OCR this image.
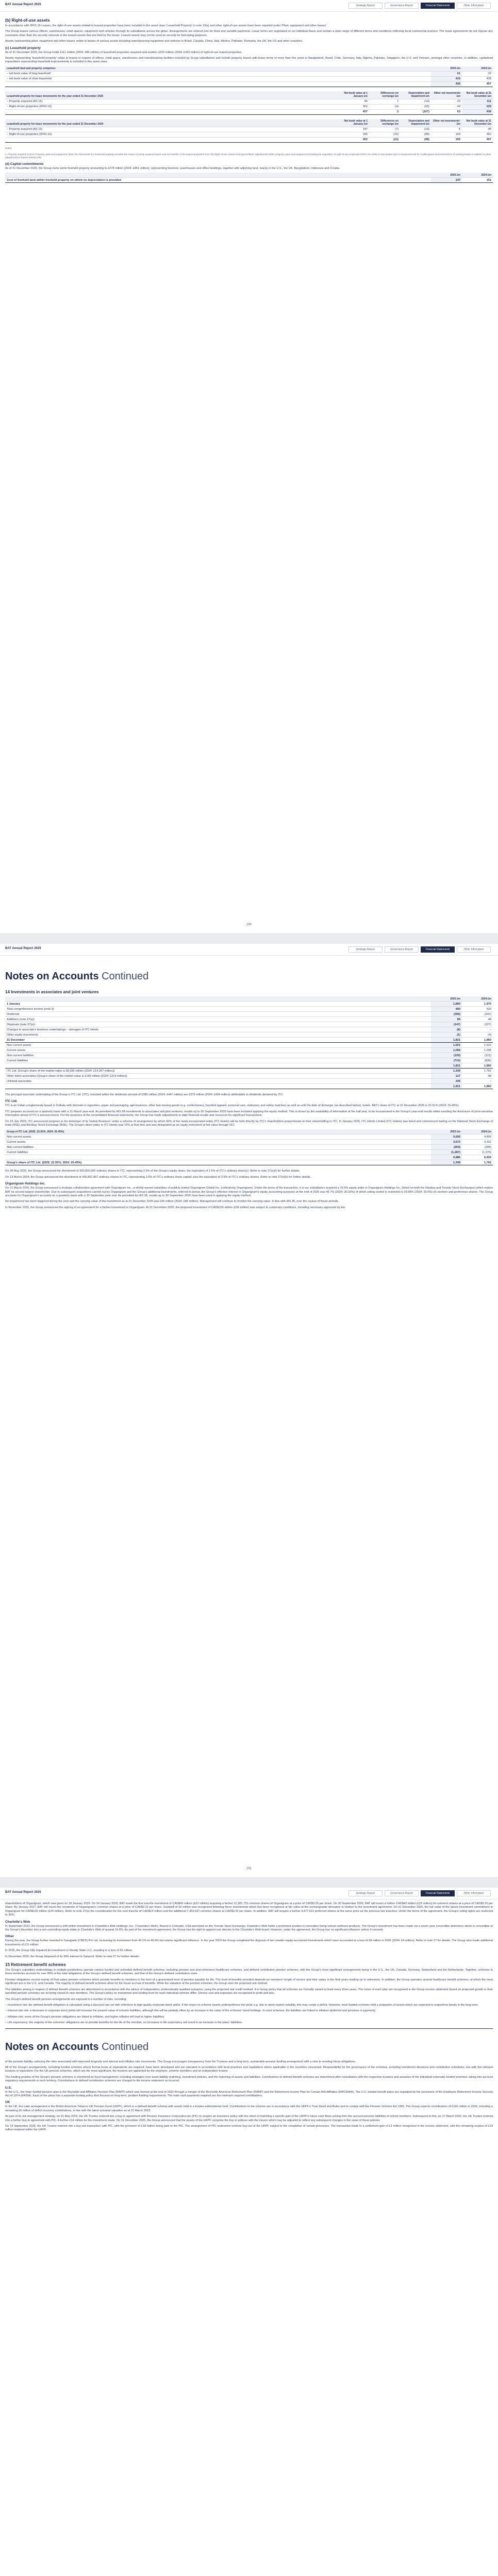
BAT Annual Report 2025	Strategic Report	Governance Report	Financial Statements	Other Information
(b) Right-of-use assets

In accordance with IFRS 16 Leases, the right-of-use assets related to leased properties have been included in the asset class 'Leasehold Property' in note 13(a) and other right-of-use assets have been reported under 'Plant, equipment and other leases'.

The Group leases various offices, warehouses, retail spaces, equipment and vehicles through its subsidiaries across the globe. Arrangements are entered into for fixed and variable payments. Lease terms are negotiated on an individual basis and contain a wide range of different terms and conditions reflecting local commercial practice. The lease agreements do not impose any covenants other than the security interests in the leased assets that are held by the lessor. Leased assets may not be used as security for borrowing purposes.

Assets representing plant, equipment and other leases' relate to leases of various assets including manufacturing equipment and vehicles in Brazil, Canada, China, Italy, Mexico, Pakistan, Romania, the UK, the US and other countries.

(c) Leasehold property

As of 31 December 2025, the Group holds £111 million (2024: £85 million) of leasehold properties acquired and another £225 million (2024: £262 million) of right-of-use leased properties.

Assets representing 'leasehold property' relate to leases in respect of offices, retail space, warehouses and manufacturing facilities included by Group subsidiaries and include property leases with lease terms of more than five years in Bangladesh, Brazil, Chile, Germany, Italy, Nigeria, Pakistan, Singapore, the U.S. and Vietnam, amongst other countries. In addition, capitalised expenditure representing leasehold improvements is included in this asset class.

Leasehold land and property comprises	2025 £m	2024 £m
– net book value of long leasehold	21	22
– net book value of short leasehold	415	435
	436	457
Leasehold property for lease movements for the year ended 31 December 2025	Net book value at 1 January £m	Differences on exchange £m	Depreciation and impairment £m	Other net movements £m	Net book value at 31 December £m
– Property acquired (AS 16)	95	7	(14)	23	111
– Right-of-use properties (IFRS 16)	362	(4)	(93)	40	225
	457	3	(107)	63	436
Leasehold property for lease movements for the year ended 31 December 2024	Net book value at 1 January £m	Differences on exchange £m	Depreciation and impairment £m	Other net movements¹ £m	Net book value at 31 December £m
– Property acquired (AS 16)	147	(7)	(10)	5	95
– Right-of-use properties (IFRS 16)	305	(15)	(88)	160	362
	452	(22)	(98)	165	457
Notes:
1. Property acquired (AS16) 'Property, plant and equipment' other net movements for leasehold property includes the impact of newly acquired leases and net transfer of the leased properties from '(b) Right-of-use' assets and hyperinflation adjustments within property, plant and equipment (including the acquisition of right-of-use properties (IFRS 16) relate to new leases and re-measurements for modifications and terminations of existing leases in addition to other adjustments to leased assets (net).
(d) Capital commitments

As of 31 December 2025, the Group owns some freehold property amounting to £278 million (2024: £861 million), representing factories, warehouses and office buildings, together with adjoining land, mainly in the U.S., the UK, Bangladesh, Indonesia and Croatia.

	2025 £m	2024 £m
Cost of freehold land within freehold property on which no depreciation is provided	147	151
290
BAT Annual Report 2025	Strategic Report	Governance Report	Financial Statements	Other Information
Notes on Accounts Continued
14 Investments in associates and joint ventures
	2025 £m	2024 £m
1 January	1,860	1,970
Total comprehensive income (note 9)	400	520
Dividends	(396)	(447)
Additions (note 27(a))	84	48
Disposals (note 27(e))	(147)	(227)
Changes in associate's business undertakings – damages of ITC Hotels	(8)	–
Other equity movements	(1)	(4)
31 December	1,821	1,860
Non-current assets	1,601	1,612
Current assets	1,056	1,205
Non-current liabilities	(120)	(121)
Current liabilities	(716)	(836)
	1,821	1,860
ITC Ltd. (Group's share of the market value is £8,936 million (2024: £14,367 million))	1,349	1,762
Other listed associates (Group's share of the market value is £196 million (2024: £314 million))	127	98
Unlisted associates	345	–
	1,821	1,860

The principal associate undertaking of the Group is ITC Ltd. (ITC), included within the dividends amount of £386 million (2024: £447 million) are £376 million (2024: £434 million) attributable to dividends declared by ITC.

ITC Ltd.

ITC is an Indian conglomerate based in Kolkata with interests in cigarettes, paper and packaging, agri-business, other fast-moving goods (e.g. confectionery, branded apparel, personal care, stationery and safety matches) as well as until the date of demerger (as described below), hotels. BAT's share of ITC at 31 December 2025 is 22.91% (2024: 25.45%).

ITC prepares accounts on a quarterly basis with a 31 March year-end. As permitted by IAS 28 Investments in associates and joint ventures, results up to 30 September 2025 have been included applying the equity method. This is driven by the availability of information at the half year, to be incorporated in the Group's year-end results whilst avoiding the disclosure of price-sensitive information ahead of ITC's announcement. For the purposes of the consolidated financial statements, the Group has made adjustments to align financial results and resources for significant transactions.

On 24 July 2023, ITC announced progress in the demerger of its 'Hotels Business' under a scheme of arrangement by which 60% of the newly incorporated entity (ITC Hotels) will be held directly by ITC's shareholders proportionate to their shareholding in ITC. In January 2025, ITC Hotels Limited (ITC Hotels) was listed and commenced trading on the National Stock Exchange of India (NSE) and Bombay Stock Exchange (BSE). The Group's direct stake in ITC Hotels was 15% at that time and was designated as an equity instrument at fair value through OCI.

Group of ITC Ltd. (2025: 22.91%; 2024: 25.45%)	2025 £m	2024 £m
Non-current assets	5,605	4,456
Current assets	3,672	4,152
Non-current liabilities	(254)	(309)
Current liabilities	(1,287)	(1,379)
	5,886	6,925
Group's share of ITC Ltd. (2025: 22.91%; 2024: 25.45%)	1,349	1,762

On 28 May 2025, the Group announced the divestment of 300,000,000 ordinary shares in ITC, representing 2.5% of the Group's equity share, the equivalent of 2.5% of ITC's ordinary share(s). Refer to note 27(e)(i) for further details.

On 13 March 2024, the Group announced the divestment of 436,851,457 ordinary shares in ITC, representing 3.5% of ITC's ordinary share capital; plus the equivalent of 3.5% of ITC's ordinary shares. Refer to note 27(e)(ii) for further details.

Organigram Holdings Inc.

On 11 March 2024, the Group announced a strategic collaboration agreement with Organigram Inc., a wholly-owned subsidiary of publicly traded Organigram Global Inc. (collectively Organigram). Under the terms of the transaction, it is our subsidiaries acquired a 19.9% equity stake in Organigram Holdings Inc. (listed on both the Nasdaq and Toronto Stock Exchanges) which makes BAT its second largest shareholder. Due to subsequent acquisitions carried out by Organigram and the Group's additional investments, referred to below, the Group's effective interest in Organigram's equity accounting purposes at the end of 2025 was 45.7% (2024: 30.33%) of which voting control is restricted to 29.99% (2024: 29.9%) of common and preference shares. The Group accounts for Organigram's accounts on a quarterly basis with a 30 September year end. As permitted by IAS 28, results up to 30 September 2025 have been used in applying the equity method.

No impairment has been triggered during the year and the carrying value of the investment as at 31 December 2025 was £95 million (2024: £85 million). Management will continue to monitor the carrying value. In line with IAS 36, over the course of future periods.

In November 2025, the Group announced the signing of an agreement for a further investment in Organigram. At 31 December 2025, the proposed investment of CAD$105 million (£56 million) was subject to customary conditions, including necessary approvals by the

291
BAT Annual Report 2025	Strategic Report	Governance Report	Financial Statements	Other Information

shareholders of Organigram, which was given on 18 January 2026. On 24 January 2026, BAT made the first tranche investment of CAD$42 million (£22 million) acquiring a further 12,381,715 common shares of Organigram at a price of CAD$3.25 per share. On 30 September 2026, BAT will invest a further CAD$42 million (£22 million) for common shares at a price of CAD$3.25 per share. By January 2027, BAT will invest the remainder of Organigram's common shares at a price of CAD$3.22 per share. Goodwill of £5 million was recognised following these investments which has been recognised at fair value at the exchangeable derivative in relation to the investment agreement. On 31 December 2025, the fair value of the above investment commitment in Organigram for CAD$105 million (£24 million). Refer to note 27(a) the consideration for the next tranche of CAD$14 million and the additional 7,363,437 common shares at CAD$3.22 per share. In addition, BAT will acquire a further 4,477,612 preferred shares at the same price as the previous two tranches. Under the terms of the agreement, the Group's voting rights are restricted to 30%.

Charlotte's Web

In September 2022, the Group announced a £48 million investment in Charlotte's Web Holdings, Inc. ('Charlotte's Web'). Based in Colorado, USA and listed on the Toronto Stock Exchange, Charlotte's Web holds a prominent position in innovative hemp extract wellness products. The Group's investment has been made via a seven-year convertible debenture which is convertible at the Group's discretion into a non-controlling equity stake in Charlotte's Web of around 19.9%. As part of the investment agreement, the Group has the right to appoint one director to the Charlotte's Web board. However, under the agreement, the Group has no significant influence unless it converts.

Other

During the year, the Group further invested in Sanapalle (CNDS) Pvt Ltd, increasing its investment from 46.1% to 49.9% but retains significant influence. In the year 2023 the Group completed the disposal of two smaller equity-accounted investments which were accounted at a loss of £8 million in 2025 (2024: £4 million). Refer to note 27 for details. The Group also made additional investments of £11 million.

In 2025, the Group fully impaired its investment in Steady State LLC, resulting in a loss of £6 million.

In December 2025, the Group disposed of its 30% interest in Sanpont. Refer to note 27 for further details.

15 Retirement benefit schemes

The Group's subsidiary undertakings in multiple jurisdictions operate various funded and unfunded defined benefit schemes, including pension and post-retirement healthcare schemes, and defined contribution pension schemes, with the Group's most significant arrangements being in the U.S., the UK, Canada, Germany, Switzerland and the Netherlands. Together, schemes in these territories account for over 85% of the total obligations of the Group's defined benefit schemes, and that of the Group's defined contribution costs.

Pension obligations consist mainly of final salary pension schemes which provide benefits to members in the form of a guaranteed level of pension payable for life. The level of benefits provided depends on members' length of service and their salary in the final years leading up to retirement. In addition, the Group operates several healthcare benefit schemes, of which the most significant are in the U.S. and Canada. The majority of defined benefit schemes allow for the future accrual of benefits. While the valuation of the pension schemes, the Group uses the projected unit method.

The liabilities arising in respect of defined benefit schemes are determined in accordance with the advice of independent, professionally qualified actuaries, using the projected unit credit method. It is Group policy that all schemes are formally valued at least every three years. The notes of each plan are recognised in the Group income statement based on projected growth in their specified pension schemes are all being closed to new members. The Group's policy on investment and funding level for each individual scheme differ. Service cost and expenses are recognised in profit and loss.

The Group's defined benefit pension arrangements are exposed to a number of risks, including:

– Investment risk: the defined benefit obligation is calculated using a discount rate set with reference to high quality corporate bond yields. If the return on scheme assets underperforms this yield, e.g. due to stock market volatility, this may create a deficit. However, most funded schemes hold a proportion of assets which are expected to outperform bonds in the long term;

– Interest rate risk: a decrease in corporate bond yields will increase the present value of scheme liabilities, although this will be partially offset by an increase in the value of the schemes' bond holdings. In most schemes, the liabilities are linked to inflation (deferred and pensions in payment);

– Inflation risk: some of the Group's pension obligations are linked to inflation, and higher inflation will lead to higher liabilities;

– Life expectancy: the majority of the schemes' obligations are to provide benefits for the life of the member, so increases in life expectancy will result in an increase in the plans' liabilities.

Notes on Accounts Continued

of the pension liability, reducing the risks associated with improved longevity and interest and inflation rate movements. The Group encourages transparency from the Trustees and a long-term, sustainable pension funding arrangement with a view to meeting future obligations.

All of the Group's arrangements, including funded schemes where formal trusts or equivalents are required, have been developed and are operated in accordance with local practices and regulations where applicable in the countries concerned. Responsibility for the governance of the schemes, including investment decisions and contribution schedules, lies with the relevant trustees or equivalent. For the UK pension schemes, which are the most significant, the trustees are appointed by the employer, scheme members and an independent trustee.

The funding position of the Group's pension schemes is monitored by local management, including strategies over asset-liability matching, investment policies, and the matching of assets and liabilities. Contributions to defined benefit schemes are determined after consultation with the respective trustees and actuaries of the individual externally funded schemes, taking into account regulatory requirements in each territory. Contributions to defined contribution schemes are charged to the income statement as incurred.

U.S.

In the U.S., the main funded pension plan is the Reynolds and Affiliates Pension Plan (RAPP) which was formed at the end of 2022 through a merger of the Reynolds American Retirement Plan (RARP) and the Retirement Income Plan for Certain RAI Affiliates (RIPCRAIA). The U.S. funded benefit plans are regulated by the provisions of the Employee Retirement Income Security Act of 1974 (ERISA). Each of the plans has a separate funding policy that focuses on long-term, prudent funding requirements. The main cash payments required are the minimum required contributions.

UK

In the UK, the main arrangement is the British American Tobacco UK Pension Fund (UKPF), which is a defined benefit scheme with assets held in a trustee-administered fund. Contributions to the scheme are in accordance with the UKPF's Trust Deed and Rules and to comply with the Pension Scheme Act 1995. The Group expects contributions of £165 million in 2026, including a remaining £6 million of deficit recovery contributions, in line with the latest actuarial valuation as at 31 March 2023.

As part of its risk management strategy, on 31 May 2019, the UK Trustee entered into a buy-in agreement with Pension Insurance Corporation plc (PIC) to acquire an insurance policy with the intent of matching a specific part of the UKPF's future cash flows arising from the accrued pension liabilities of retired members. Subsequent to this, on 17 March 2022, the UK Trustee entered into a further buy-in agreement with PIC. A further £14 million for the investment made. On 31 December 2025, the Group announced that the assets of the UKPF comprise the buy-in policies with the insurer which may be adjusted to reflect any subsequent changes in the value of these policies.

On 19 September 2025, the UK Trustee entered into a buy-out transaction with PIC, with the provision of £18 million being paid to the PIC. The arrangement of PIC underwent scheme buy-out of the UKPF subject to the completion of certain processes. The transaction leads to a settlement gain of £1 million recognised in the income statement, with the remaining surplus of £14 million retained within the UKPF.
